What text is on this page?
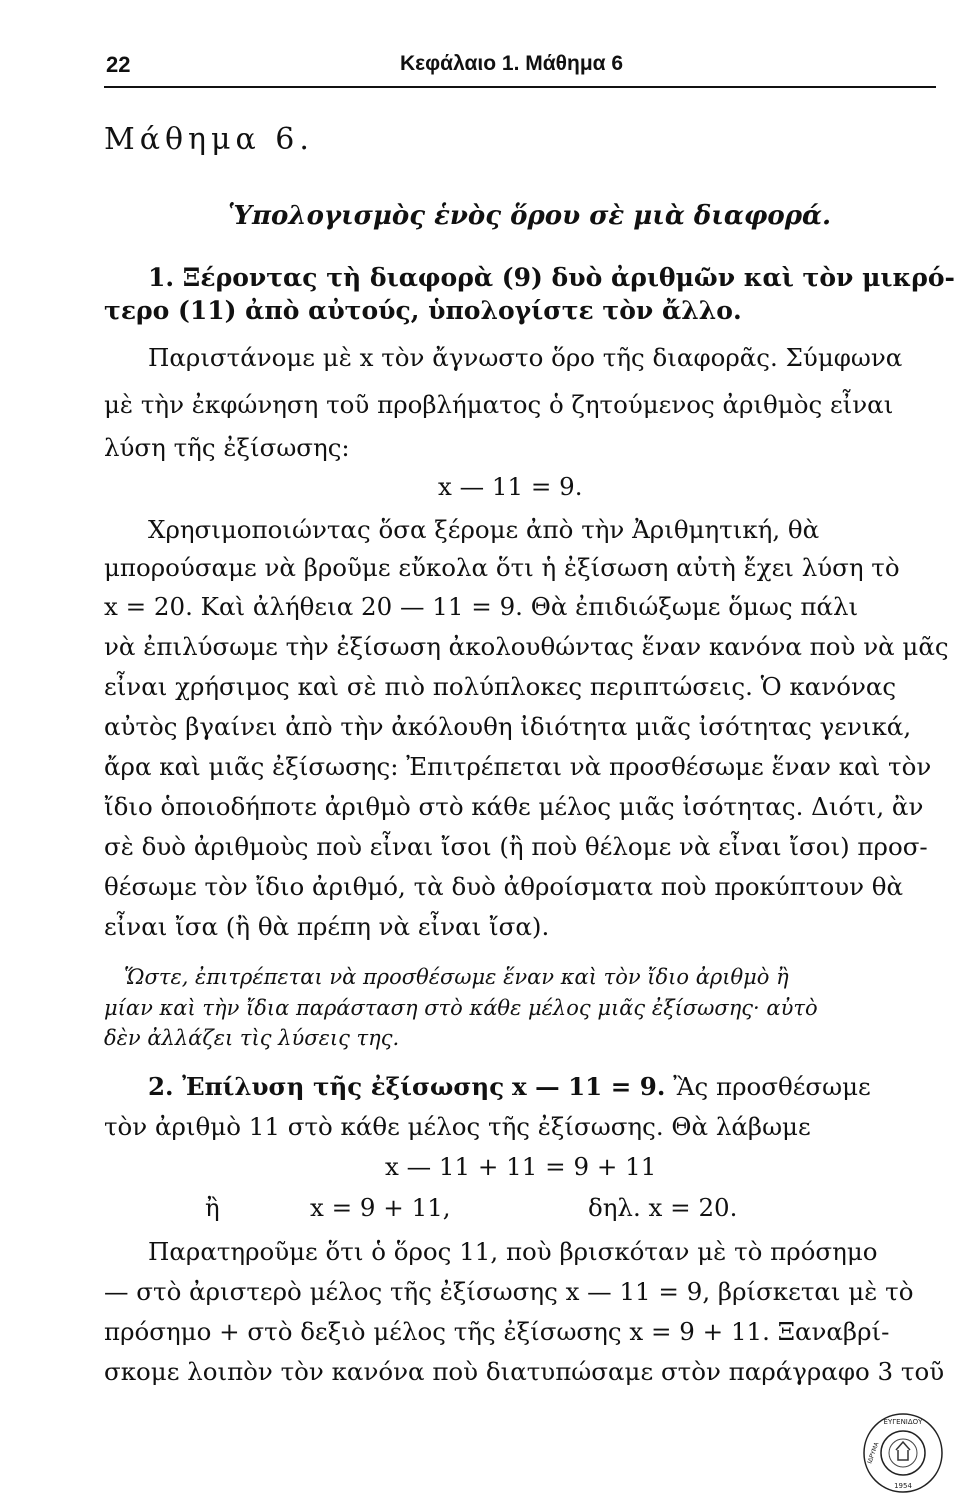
22	Κεφάλαιο 1. Μάθημα 6
Μάθημα 6.
Ὑπολογισμὸς ἑνὸς ὅρου σὲ μιὰ διαφορά.
1. Ξέροντας τὴ διαφορὰ (9) δυὸ ἀριθμῶν καὶ τὸν μικρό-
τερο (11) ἀπὸ αὐτούς, ὑπολογίστε τὸν ἄλλο.
Παριστάνομε μὲ x τὸν ἄγνωστο ὅρο τῆς διαφορᾶς. Σύμφωνα
μὲ τὴν ἐκφώνηση τοῦ προβλήματος ὁ ζητούμενος ἀριθμὸς εἶναι
λύση τῆς ἐξίσωσης:
x — 11 = 9.
Χρησιμοποιώντας ὅσα ξέρομε ἀπὸ τὴν Ἀριθμητική, θὰ
μπορούσαμε νὰ βροῦμε εὔκολα ὅτι ἡ ἐξίσωση αὐτὴ ἔχει λύση τὸ
x = 20. Καὶ ἀλήθεια 20 — 11 = 9. Θὰ ἐπιδιώξωμε ὅμως πάλι
νὰ ἐπιλύσωμε τὴν ἐξίσωση ἀκολουθώντας ἕναν κανόνα ποὺ νὰ μᾶς
εἶναι χρήσιμος καὶ σὲ πιὸ πολύπλοκες περιπτώσεις. Ὁ κανόνας
αὐτὸς βγαίνει ἀπὸ τὴν ἀκόλουθη ἰδιότητα μιᾶς ἰσότητας γενικά,
ἄρα καὶ μιᾶς ἐξίσωσης: Ἐπιτρέπεται νὰ προσθέσωμε ἕναν καὶ τὸν
ἴδιο ὁποιοδήποτε ἀριθμὸ στὸ κάθε μέλος μιᾶς ἰσότητας. Διότι, ἂν
σὲ δυὸ ἀριθμοὺς ποὺ εἶναι ἴσοι (ἢ ποὺ θέλομε νὰ εἶναι ἴσοι) προσ-
θέσωμε τὸν ἴδιο ἀριθμό, τὰ δυὸ ἀθροίσματα ποὺ προκύπτουν θὰ
εἶναι ἴσα (ἢ θὰ πρέπη νὰ εἶναι ἴσα).
Ὥστε, ἐπιτρέπεται νὰ προσθέσωμε ἕναν καὶ τὸν ἴδιο ἀριθμὸ ἢ
μίαν καὶ τὴν ἴδια παράσταση στὸ κάθε μέλος μιᾶς ἐξίσωσης· αὐτὸ
δὲν ἀλλάζει τὶς λύσεις της.
2. Ἐπίλυση τῆς ἐξίσωσης x — 11 = 9. Ἂς προσθέσωμε
τὸν ἀριθμὸ 11 στὸ κάθε μέλος τῆς ἐξίσωσης. Θὰ λάβωμε
x — 11 + 11 = 9 + 11
ἢ	x = 9 + 11,	δηλ. x = 20.
Παρατηροῦμε ὅτι ὁ ὅρος 11, ποὺ βρισκόταν μὲ τὸ πρόσημο
— στὸ ἀριστερὸ μέλος τῆς ἐξίσωσης x — 11 = 9, βρίσκεται μὲ τὸ
πρόσημο + στὸ δεξιὸ μέλος τῆς ἐξίσωσης x = 9 + 11. Ξαναβρί-
σκομε λοιπὸν τὸν κανόνα ποὺ διατυπώσαμε στὸν παράγραφο 3 τοῦ
ΕΥΓΕΝΙΔΟΥ
ΙΔΡΥΜΑ
1954
